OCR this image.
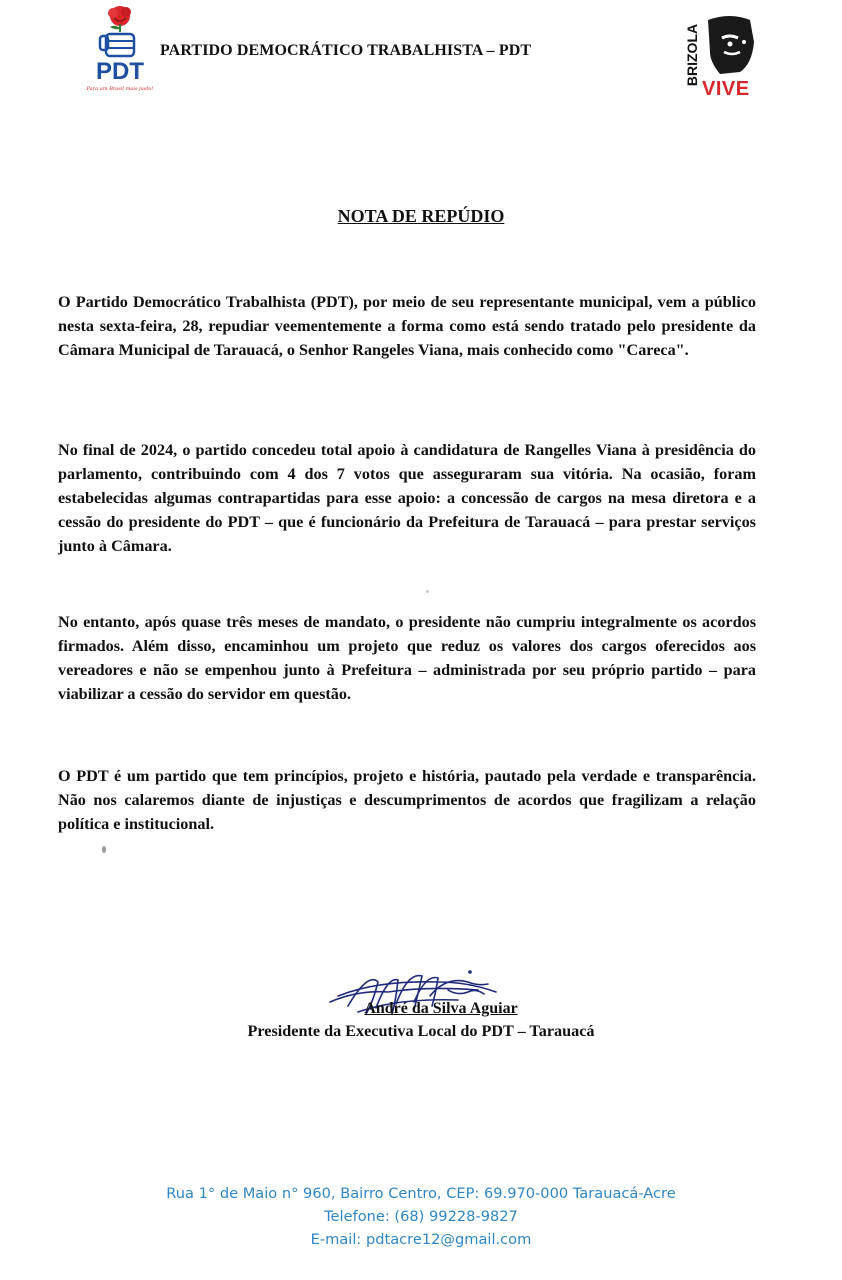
PDT
Para um Brasil mais justo!
PARTIDO DEMOCRÁTICO TRABALHISTA – PDT	BRIZOLA
VIVE
NOTA DE REPÚDIO

O Partido Democrático Trabalhista (PDT), por meio de seu representante municipal, vem a público nesta sexta-feira, 28, repudiar veementemente a forma como está sendo tratado pelo presidente da Câmara Municipal de Tarauacá, o Senhor Rangeles Viana, mais conhecido como "Careca".

No final de 2024, o partido concedeu total apoio à candidatura de Rangelles Viana à presidência do parlamento, contribuindo com 4 dos 7 votos que asseguraram sua vitória. Na ocasião, foram estabelecidas algumas contrapartidas para esse apoio: a concessão de cargos na mesa diretora e a cessão do presidente do PDT – que é funcionário da Prefeitura de Tarauacá – para prestar serviços junto à Câmara.

No entanto, após quase três meses de mandato, o presidente não cumpriu integralmente os acordos firmados. Além disso, encaminhou um projeto que reduz os valores dos cargos oferecidos aos vereadores e não se empenhou junto à Prefeitura – administrada por seu próprio partido – para viabilizar a cessão do servidor em questão.

O PDT é um partido que tem princípios, projeto e história, pautado pela verdade e transparência. Não nos calaremos diante de injustiças e descumprimentos de acordos que fragilizam a relação política e institucional.

André da Silva Aguiar
Presidente da Executiva Local do PDT – Tarauacá
Rua 1° de Maio n° 960, Bairro Centro, CEP: 69.970-000 Tarauacá-Acre
Telefone: (68) 99228-9827
E-mail: pdtacre12@gmail.com
